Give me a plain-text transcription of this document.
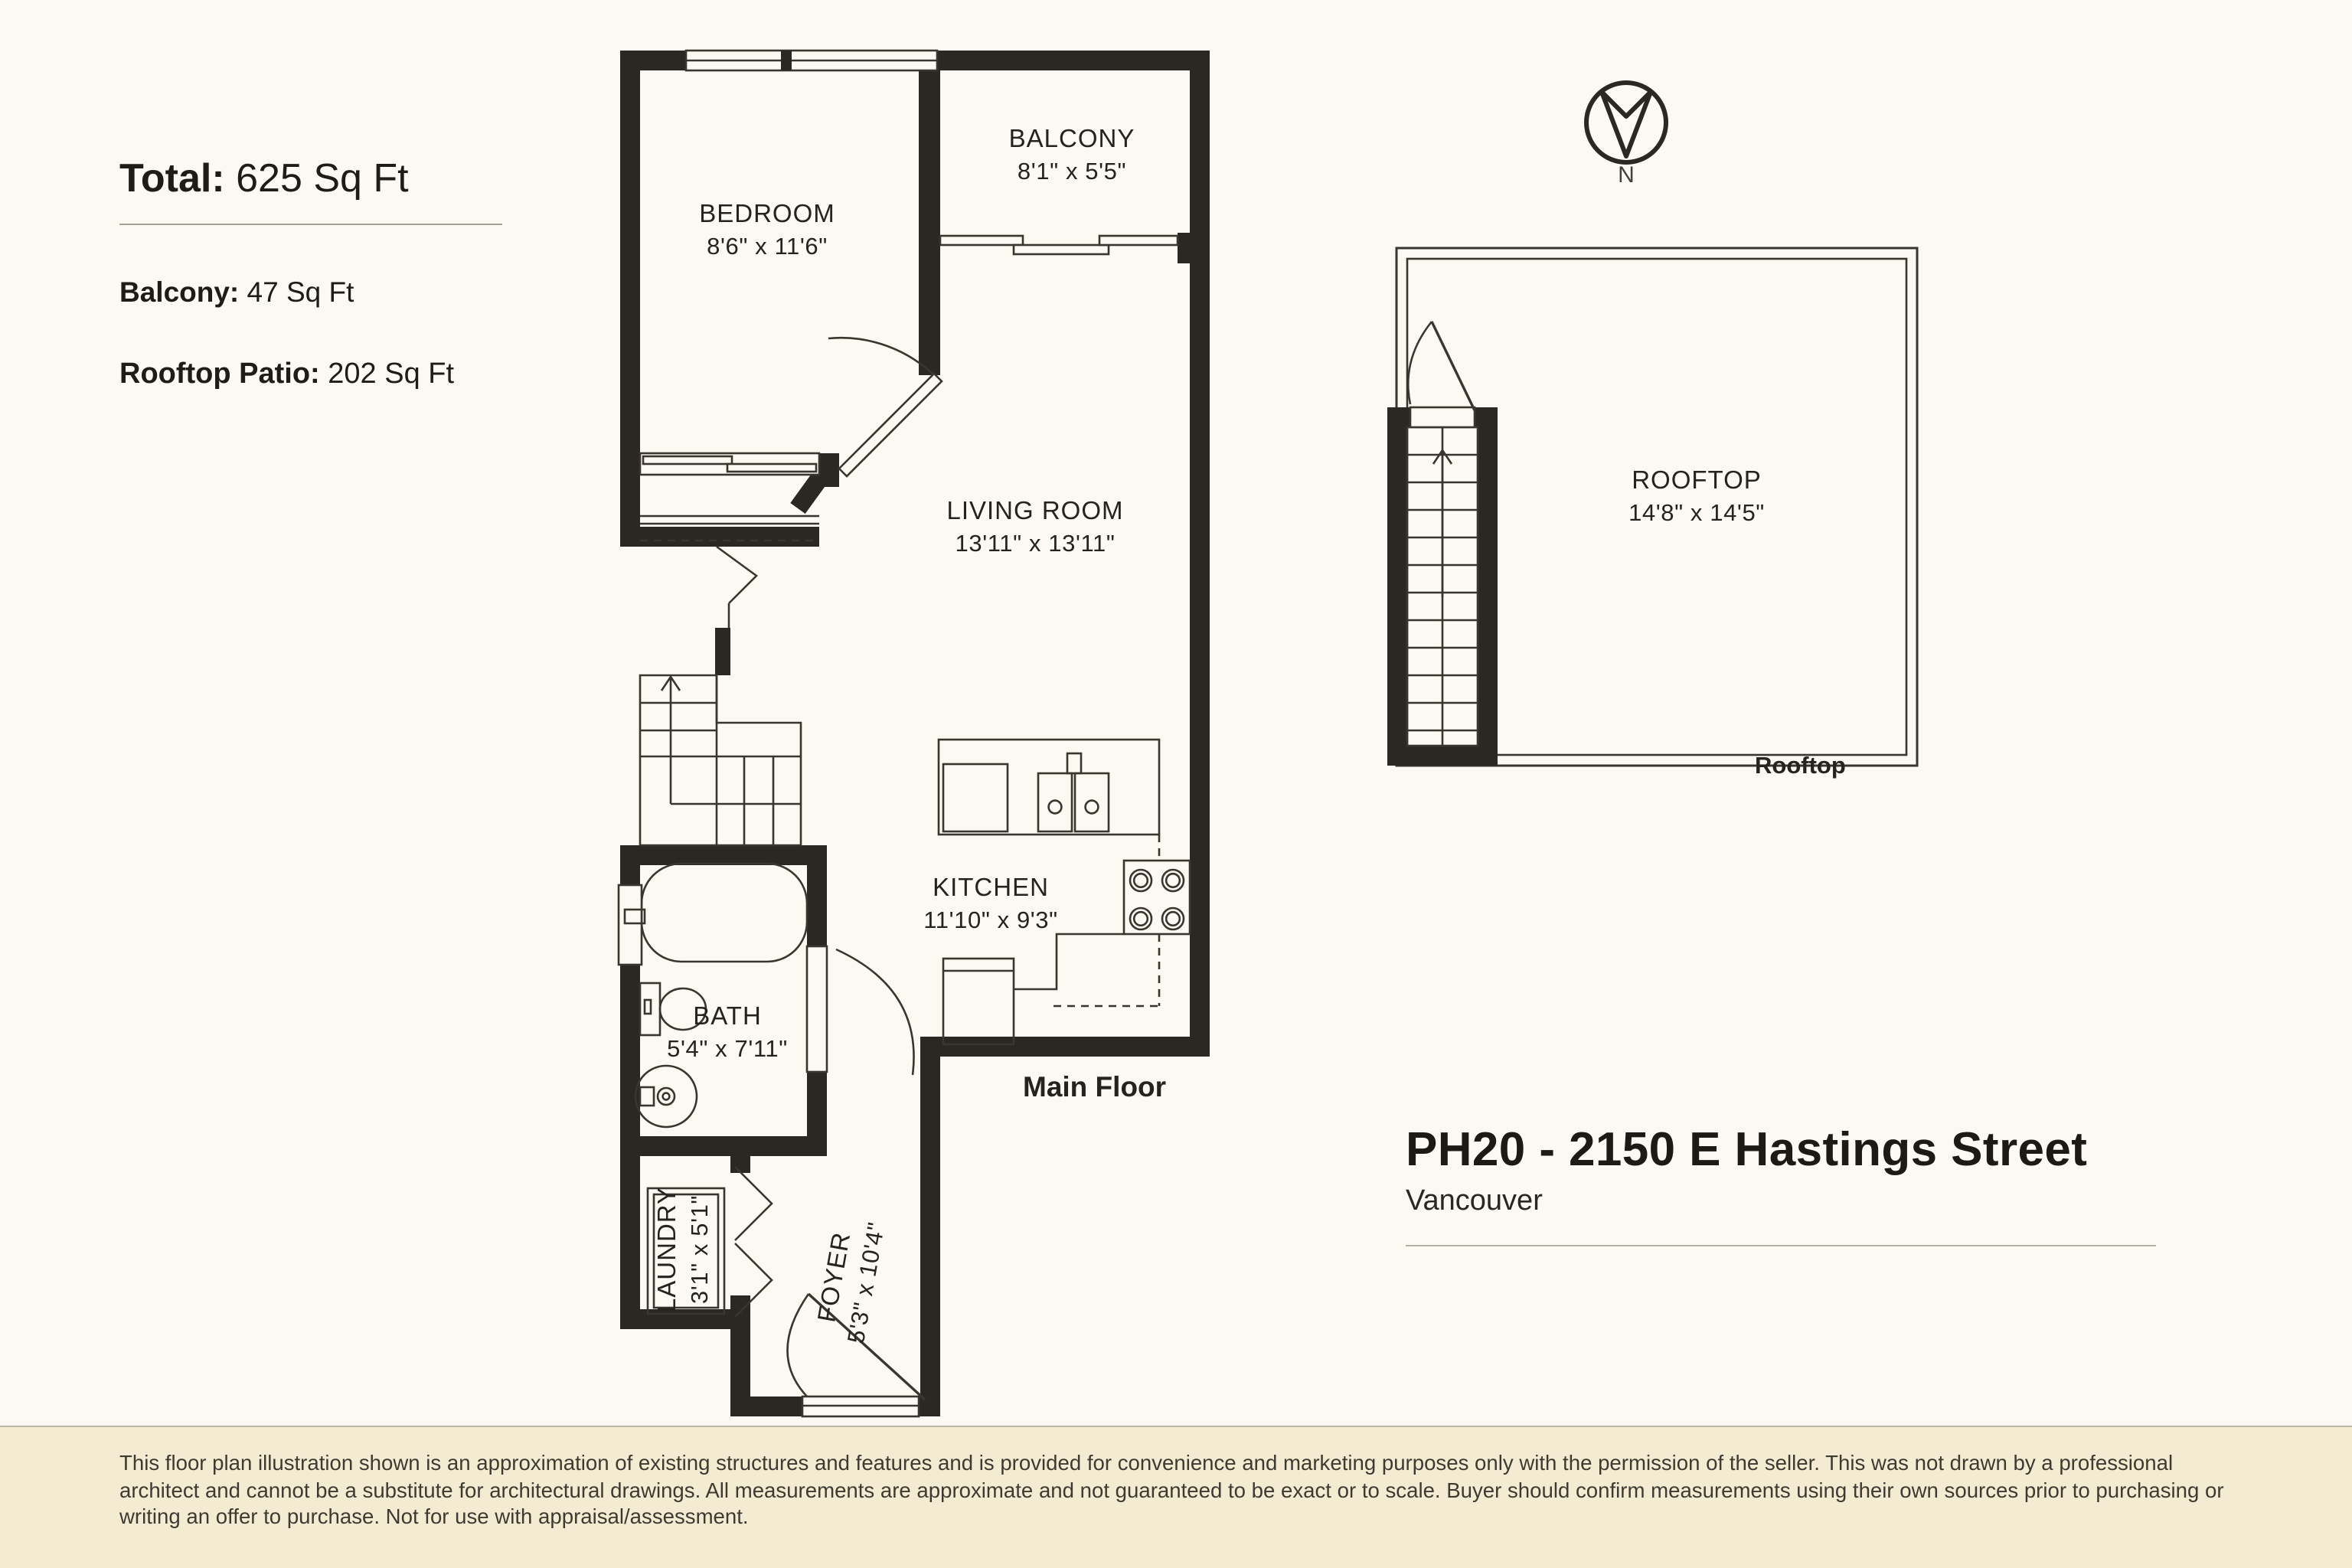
Total: 625 Sq Ft
Balcony: 47 Sq Ft
Rooftop Patio: 202 Sq Ft
BEDROOM
8'6" x 11'6"
BALCONY
8'1" x 5'5"
LIVING ROOM
13'11" x 13'11"
KITCHEN
11'10" x 9'3"
BATH
5'4" x 7'11"
LAUNDRY 3'1" x 5'1"	FOYER
5'3" x 10'4"
ROOFTOP
14'8" x 14'5"
Main Floor
Rooftop
N
PH20 - 2150 E Hastings Street
Vancouver

This floor plan illustration shown is an approximation of existing structures and features and is provided for convenience and marketing purposes only with the permission of the seller. This was not drawn by a professional architect and cannot be a substitute for architectural drawings. All measurements are approximate and not guaranteed to be exact or to scale. Buyer should confirm measurements using their own sources prior to purchasing or writing an offer to purchase. Not for use with appraisal/assessment.
